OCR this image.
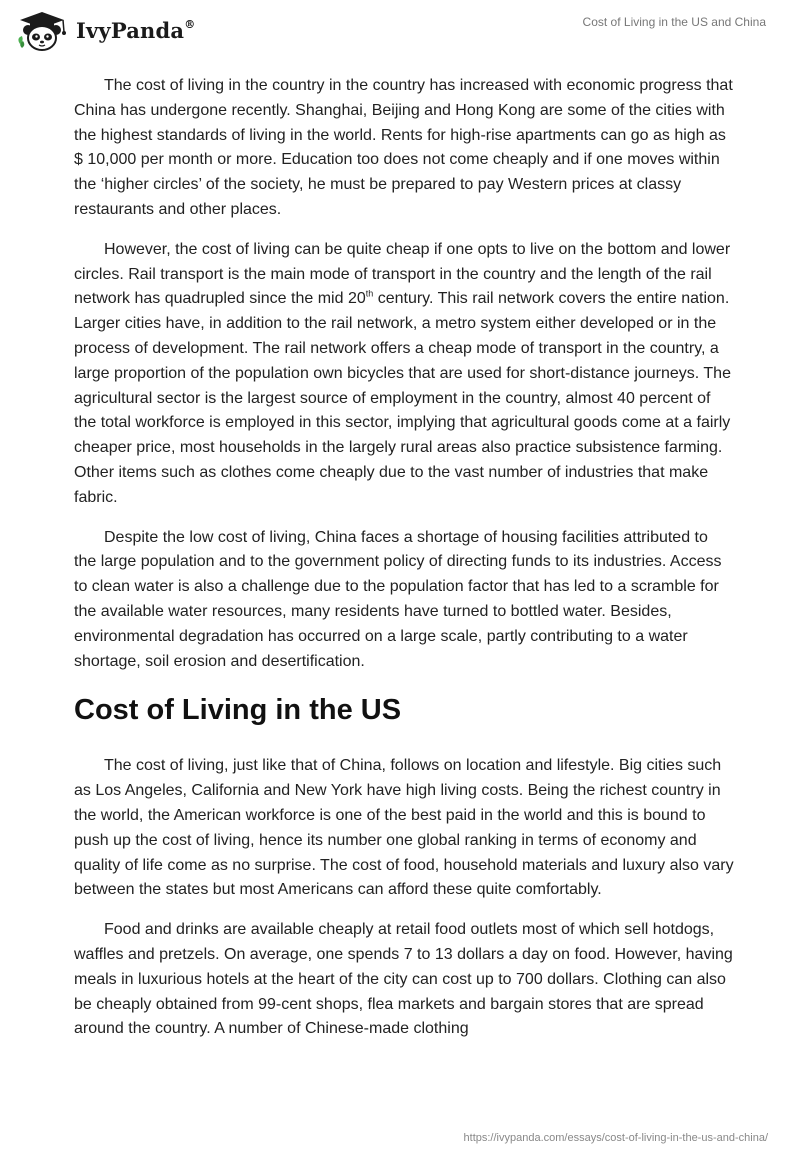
IvyPanda®	Cost of Living in the US and China

The cost of living in the country in the country has increased with economic progress that China has undergone recently. Shanghai, Beijing and Hong Kong are some of the cities with the highest standards of living in the world. Rents for high-rise apartments can go as high as $ 10,000 per month or more. Education too does not come cheaply and if one moves within the ‘higher circles’ of the society, he must be prepared to pay Western prices at classy restaurants and other places.

However, the cost of living can be quite cheap if one opts to live on the bottom and lower circles. Rail transport is the main mode of transport in the country and the length of the rail network has quadrupled since the mid 20th century. This rail network covers the entire nation. Larger cities have, in addition to the rail network, a metro system either developed or in the process of development. The rail network offers a cheap mode of transport in the country, a large proportion of the population own bicycles that are used for short-distance journeys. The agricultural sector is the largest source of employment in the country, almost 40 percent of the total workforce is employed in this sector, implying that agricultural goods come at a fairly cheaper price, most households in the largely rural areas also practice subsistence farming. Other items such as clothes come cheaply due to the vast number of industries that make fabric.

Despite the low cost of living, China faces a shortage of housing facilities attributed to the large population and to the government policy of directing funds to its industries. Access to clean water is also a challenge due to the population factor that has led to a scramble for the available water resources, many residents have turned to bottled water. Besides, environmental degradation has occurred on a large scale, partly contributing to a water shortage, soil erosion and desertification.

Cost of Living in the US

The cost of living, just like that of China, follows on location and lifestyle. Big cities such as Los Angeles, California and New York have high living costs. Being the richest country in the world, the American workforce is one of the best paid in the world and this is bound to push up the cost of living, hence its number one global ranking in terms of economy and quality of life come as no surprise. The cost of food, household materials and luxury also vary between the states but most Americans can afford these quite comfortably.

Food and drinks are available cheaply at retail food outlets most of which sell hotdogs, waffles and pretzels. On average, one spends 7 to 13 dollars a day on food. However, having meals in luxurious hotels at the heart of the city can cost up to 700 dollars. Clothing can also be cheaply obtained from 99-cent shops, flea markets and bargain stores that are spread around the country. A number of Chinese-made clothing

https://ivypanda.com/essays/cost-of-living-in-the-us-and-china/
